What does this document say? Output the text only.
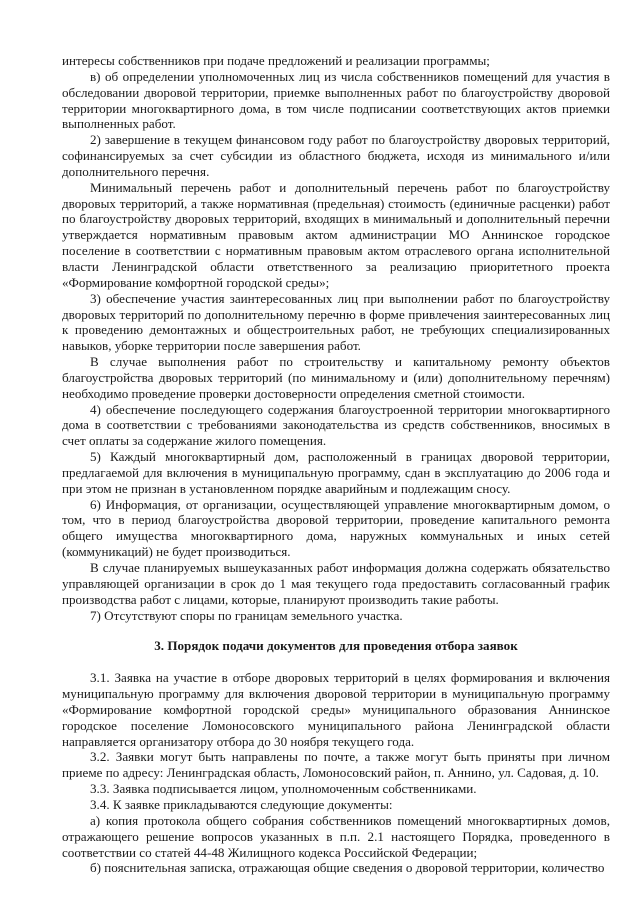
интересы собственников при подаче предложений и реализации программы;

в) об определении уполномоченных лиц из числа собственников помещений для участия в обследовании дворовой территории, приемке выполненных работ по благоустройству дворовой территории многоквартирного дома, в том числе подписании соответствующих актов приемки выполненных работ.

2) завершение в текущем финансовом году работ по благоустройству дворовых территорий, софинансируемых за счет субсидии из областного бюджета, исходя из минимального и/или дополнительного перечня.

Минимальный перечень работ и дополнительный перечень работ по благоустройству дворовых территорий, а также нормативная (предельная) стоимость (единичные расценки) работ по благоустройству дворовых территорий, входящих в минимальный и дополнительный перечни утверждается нормативным правовым актом администрации МО Аннинское городское поселение в соответствии с нормативным правовым актом отраслевого органа исполнительной власти Ленинградской области ответственного за реализацию приоритетного проекта «Формирование комфортной городской среды»;

3) обеспечение участия заинтересованных лиц при выполнении работ по благоустройству дворовых территорий по дополнительному перечню в форме привлечения заинтересованных лиц к проведению демонтажных и общестроительных работ, не требующих специализированных навыков, уборке территории после завершения работ.

В случае выполнения работ по строительству и капитальному ремонту объектов благоустройства дворовых территорий (по минимальному и (или) дополнительному перечням) необходимо проведение проверки достоверности определения сметной стоимости.

4) обеспечение последующего содержания благоустроенной территории многоквартирного дома в соответствии с требованиями законодательства из средств собственников, вносимых в счет оплаты за содержание жилого помещения.

5) Каждый многоквартирный дом, расположенный в границах дворовой территории, предлагаемой для включения в муниципальную программу, сдан в эксплуатацию до 2006 года и при этом не признан в установленном порядке аварийным и подлежащим сносу.

6) Информация, от организации, осуществляющей управление многоквартирным домом, о том, что в период благоустройства дворовой территории, проведение капитального ремонта общего имущества многоквартирного дома, наружных коммунальных и иных сетей (коммуникаций) не будет производиться.

В случае планируемых вышеуказанных работ информация должна содержать обязательство управляющей организации в срок до 1 мая текущего года предоставить согласованный график производства работ с лицами, которые, планируют производить такие работы.

7) Отсутствуют споры по границам земельного участка.

3. Порядок подачи документов для проведения отбора заявок

3.1. Заявка на участие в отборе дворовых территорий в целях формирования и включения муниципальную программу для включения дворовой территории в муниципальную программу «Формирование комфортной городской среды» муниципального образования Аннинское городское поселение Ломоносовского муниципального района Ленинградской области направляется организатору отбора до 30 ноября текущего года.

3.2. Заявки могут быть направлены по почте, а также могут быть приняты при личном приеме по адресу: Ленинградская область, Ломоносовский район, п. Аннино, ул. Садовая, д. 10.

3.3. Заявка подписывается лицом, уполномоченным собственниками.

3.4. К заявке прикладываются следующие документы:

а) копия протокола общего собрания собственников помещений многоквартирных домов, отражающего решение вопросов указанных в п.п. 2.1 настоящего Порядка, проведенного в соответствии со статей 44-48 Жилищного кодекса Российской Федерации;

б) пояснительная записка, отражающая общие сведения о дворовой территории, количество
